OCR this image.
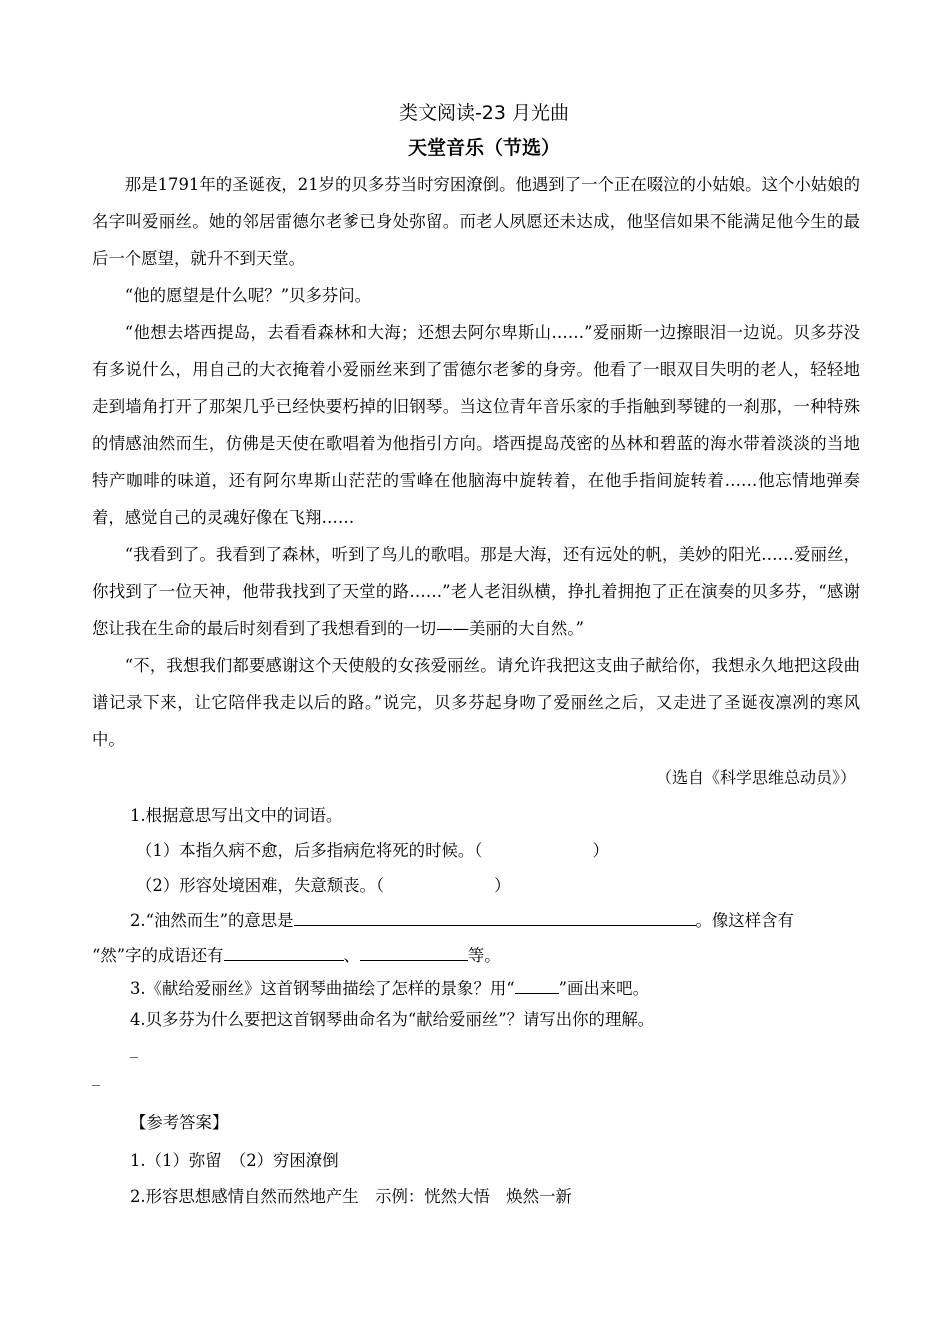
类文阅读-23 月光曲
天堂音乐（节选）

那是1791年的圣诞夜，21岁的贝多芬当时穷困潦倒。他遇到了一个正在啜泣的小姑娘。这个小姑娘的名字叫爱丽丝。她的邻居雷德尔老爹已身处弥留。而老人夙愿还未达成，他坚信如果不能满足他今生的最后一个愿望，就升不到天堂。

“他的愿望是什么呢？”贝多芬问。

“他想去塔西提岛，去看看森林和大海；还想去阿尔卑斯山……”爱丽斯一边擦眼泪一边说。贝多芬没有多说什么，用自己的大衣掩着小爱丽丝来到了雷德尔老爹的身旁。他看了一眼双目失明的老人，轻轻地走到墙角打开了那架几乎已经快要朽掉的旧钢琴。当这位青年音乐家的手指触到琴键的一刹那，一种特殊的情感油然而生，仿佛是天使在歌唱着为他指引方向。塔西提岛茂密的丛林和碧蓝的海水带着淡淡的当地特产咖啡的味道，还有阿尔卑斯山茫茫的雪峰在他脑海中旋转着，在他手指间旋转着……他忘情地弹奏着，感觉自己的灵魂好像在飞翔……

“我看到了。我看到了森林，听到了鸟儿的歌唱。那是大海，还有远处的帆，美妙的阳光……爱丽丝，你找到了一位天神，他带我找到了天堂的路……”老人老泪纵横，挣扎着拥抱了正在演奏的贝多芬，“感谢您让我在生命的最后时刻看到了我想看到的一切——美丽的大自然。”

“不，我想我们都要感谢这个天使般的女孩爱丽丝。请允许我把这支曲子献给你，我想永久地把这段曲谱记录下来，让它陪伴我走以后的路。”说完，贝多芬起身吻了爱丽丝之后，又走进了圣诞夜凛冽的寒风中。

（选自《科学思维总动员》）

1.根据意思写出文中的词语。

（1）本指久病不愈，后多指病危将死的时候。（	）

（2）形容处境困难，失意颓丧。（	）

2.“油然而生”的意思是	。像这样含有

“然”字的成语还有	、	等。

3.《献给爱丽丝》这首钢琴曲描绘了怎样的景象？用“	”画出来吧。

4.贝多芬为什么要把这首钢琴曲命名为“献给爱丽丝”？请写出你的理解。

_
_
【参考答案】
1.（1）弥留　（2）穷困潦倒
2.形容思想感情自然而然地产生　示例：恍然大悟　焕然一新
